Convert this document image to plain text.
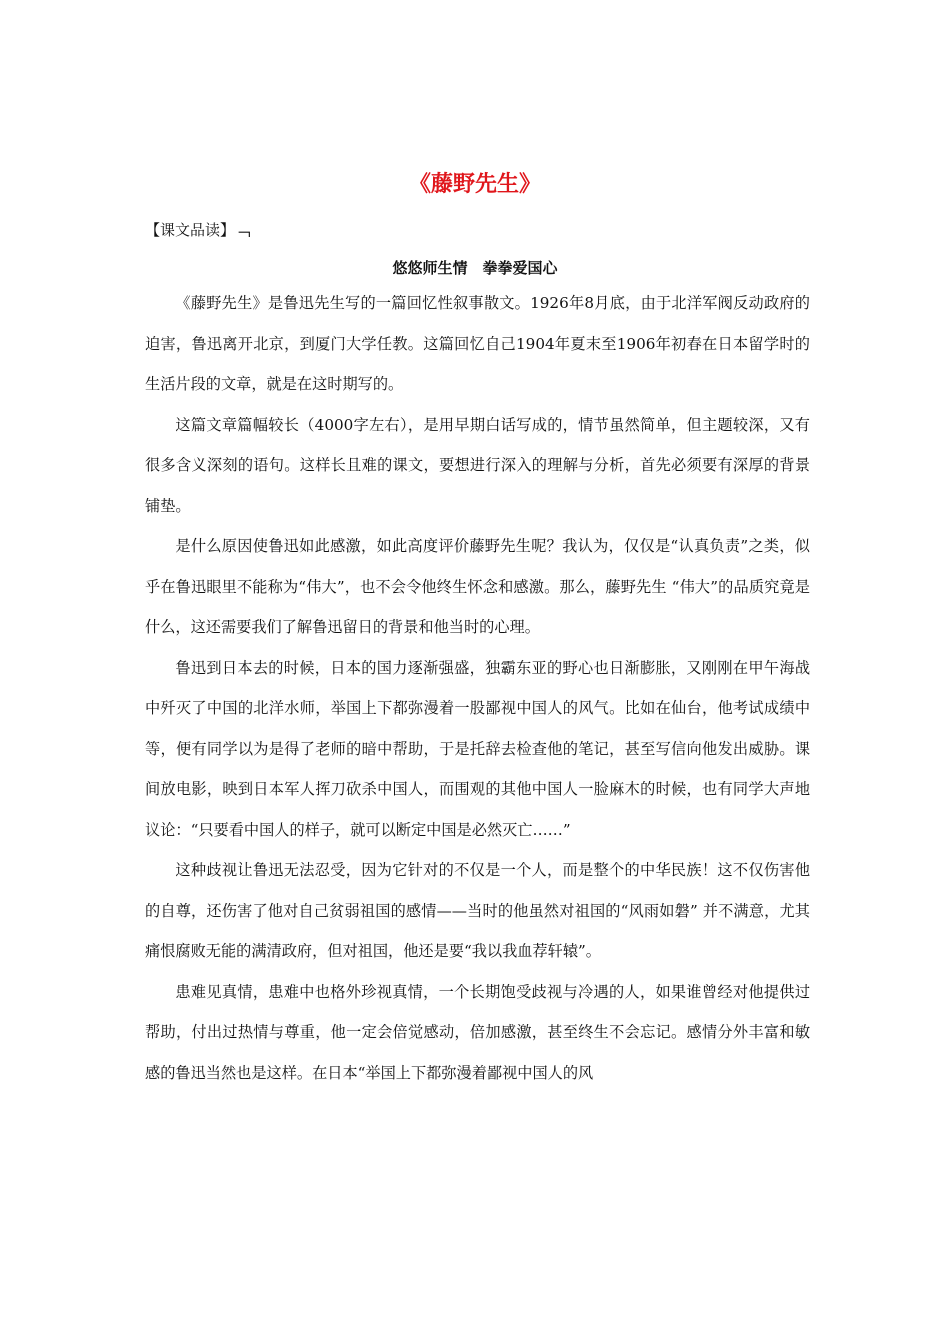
《藤野先生》
【课文品读】﹁
悠悠师生情　拳拳爱国心

《藤野先生》是鲁迅先生写的一篇回忆性叙事散文。1926年8月底，由于北洋军阀反动政府的迫害，鲁迅离开北京，到厦门大学任教。这篇回忆自己1904年夏末至1906年初春在日本留学时的生活片段的文章，就是在这时期写的。

这篇文章篇幅较长（4000字左右），是用早期白话写成的，情节虽然简单，但主题较深，又有很多含义深刻的语句。这样长且难的课文，要想进行深入的理解与分析，首先必须要有深厚的背景铺垫。

是什么原因使鲁迅如此感激，如此高度评价藤野先生呢？我认为，仅仅是“认真负责”之类，似乎在鲁迅眼里不能称为“伟大”，也不会令他终生怀念和感激。那么，藤野先生 “伟大”的品质究竟是什么，这还需要我们了解鲁迅留日的背景和他当时的心理。

鲁迅到日本去的时候，日本的国力逐渐强盛，独霸东亚的野心也日渐膨胀，又刚刚在甲午海战中歼灭了中国的北洋水师，举国上下都弥漫着一股鄙视中国人的风气。比如在仙台，他考试成绩中等，便有同学以为是得了老师的暗中帮助，于是托辞去检查他的笔记，甚至写信向他发出威胁。课间放电影，映到日本军人挥刀砍杀中国人，而围观的其他中国人一脸麻木的时候，也有同学大声地议论：“只要看中国人的样子，就可以断定中国是必然灭亡……”

这种歧视让鲁迅无法忍受，因为它针对的不仅是一个人，而是整个的中华民族！这不仅伤害他的自尊，还伤害了他对自己贫弱祖国的感情——当时的他虽然对祖国的“风雨如磐” 并不满意，尤其痛恨腐败无能的满清政府，但对祖国，他还是要“我以我血荐轩辕”。

患难见真情，患难中也格外珍视真情，一个长期饱受歧视与冷遇的人，如果谁曾经对他提供过帮助，付出过热情与尊重，他一定会倍觉感动，倍加感激，甚至终生不会忘记。感情分外丰富和敏感的鲁迅当然也是这样。在日本“举国上下都弥漫着鄙视中国人的风
